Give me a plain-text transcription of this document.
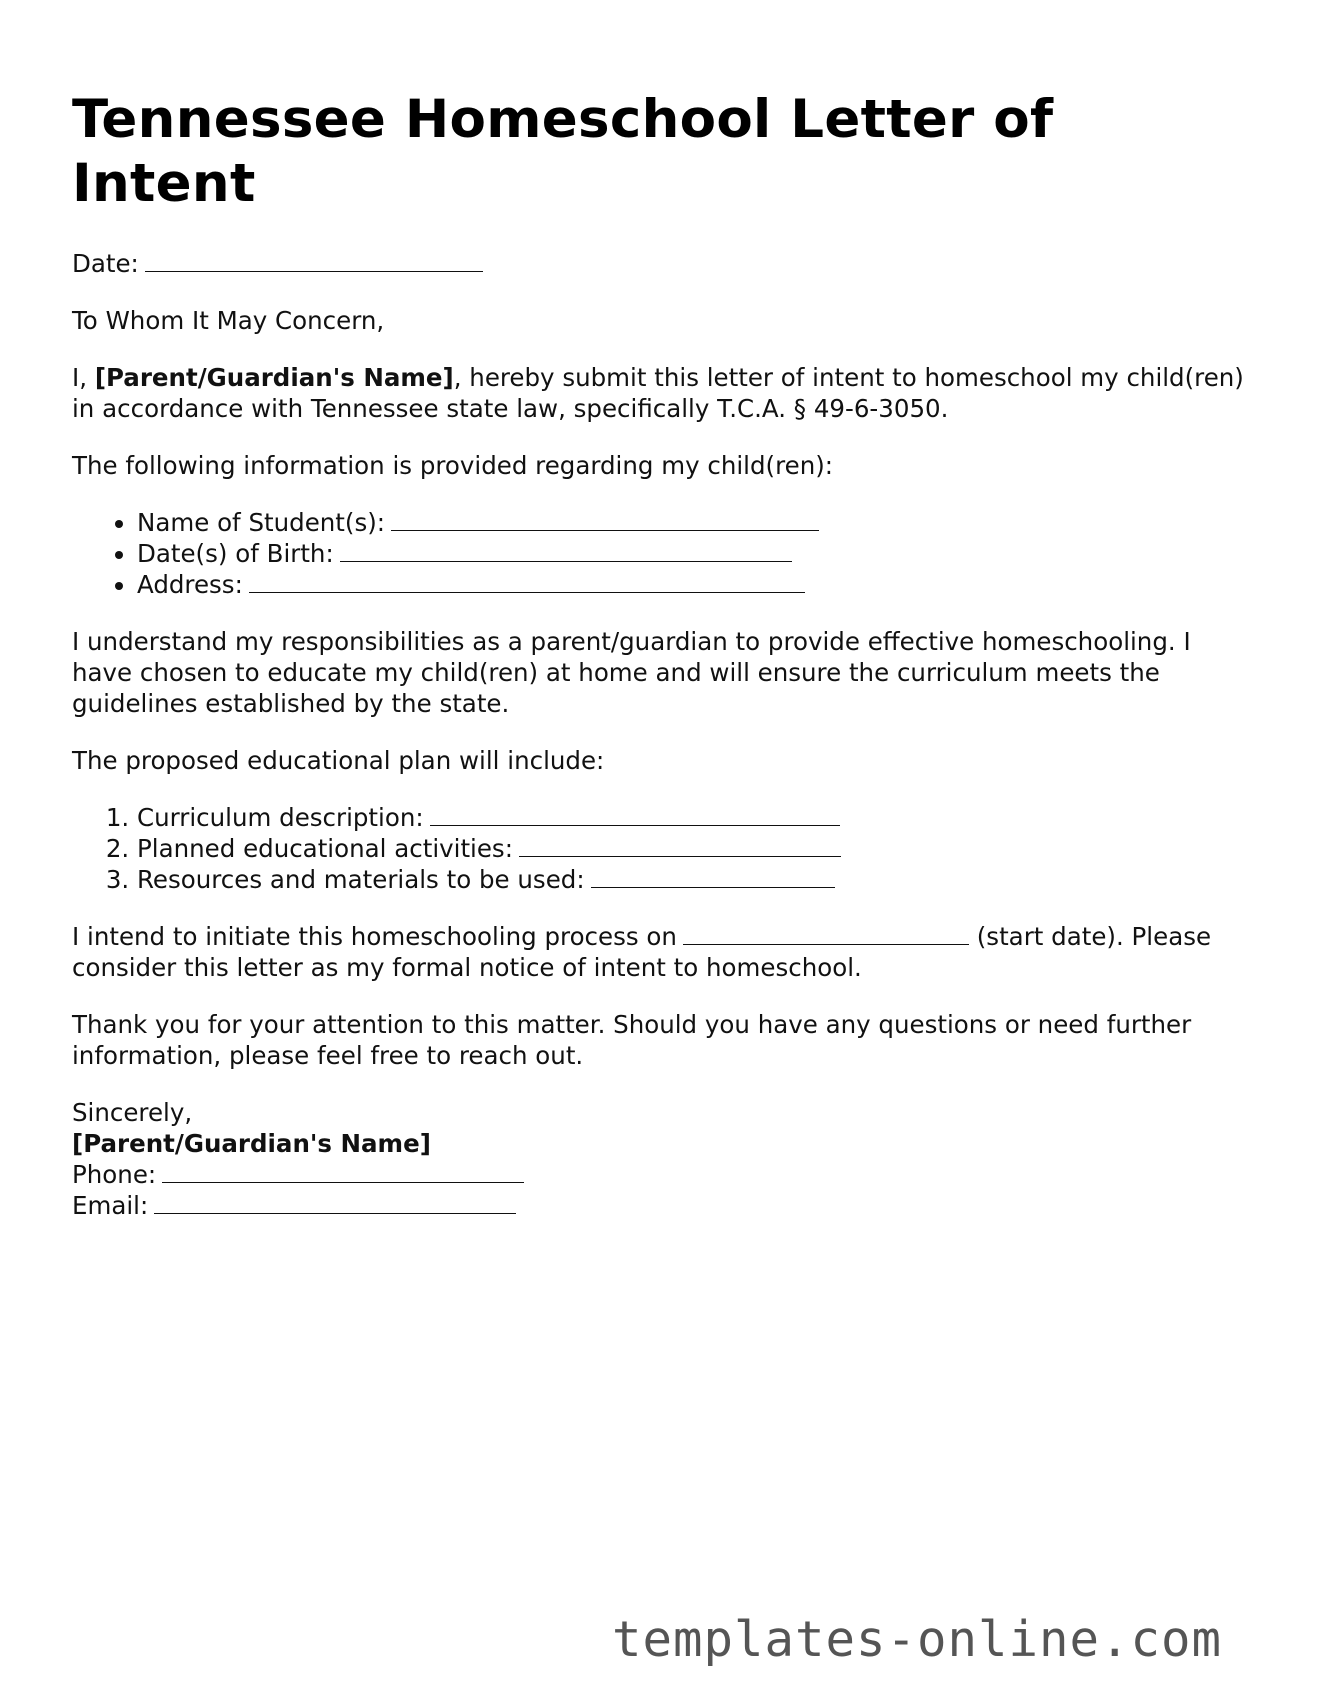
Tennessee Homeschool Letter of Intent

Date:

To Whom It May Concern,

I, [Parent/Guardian's Name], hereby submit this letter of intent to homeschool my child(ren) in accordance with Tennessee state law, specifically T.C.A. § 49-6-3050.

The following information is provided regarding my child(ren):

• Name of Student(s):
• Date(s) of Birth:
• Address:

I understand my responsibilities as a parent/guardian to provide effective homeschooling. I have chosen to educate my child(ren) at home and will ensure the curriculum meets the guidelines established by the state.

The proposed educational plan will include:

1. Curriculum description:
2. Planned educational activities:
3. Resources and materials to be used:

I intend to initiate this homeschooling process on	(start date). Please consider this letter as my formal notice of intent to homeschool.

Thank you for your attention to this matter. Should you have any questions or need further information, please feel free to reach out.

Sincerely,

[Parent/Guardian's Name]

Phone:

Email:

templates-online.com
